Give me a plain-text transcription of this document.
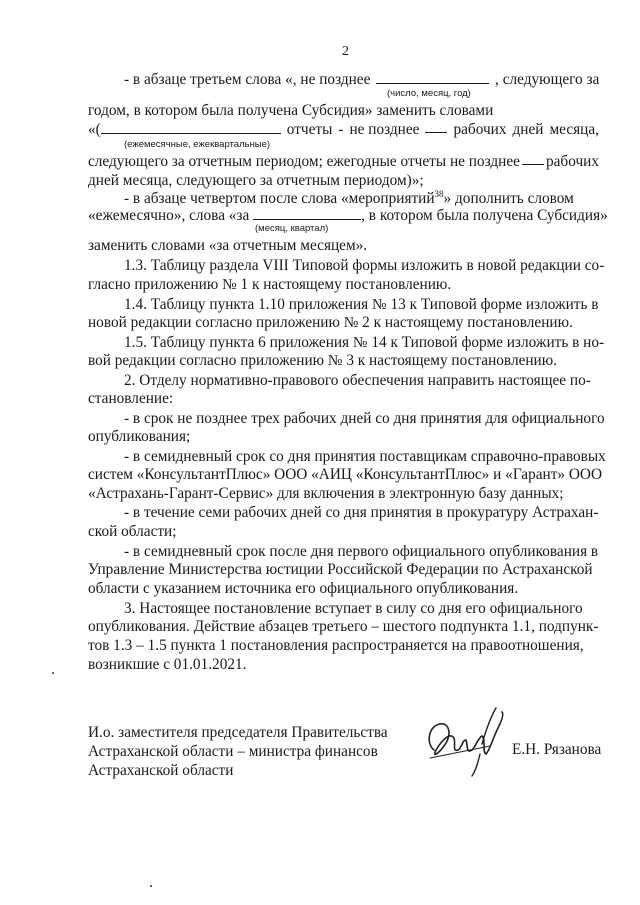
2
- в абзаце третьем слова «, не позднее	, следующего за
(число, месяц, год)
годом, в котором была получена Субсидия» заменить словами
«(	отчеты - не позднее рабочих дней месяца,
(ежемесячные, ежеквартальные)
следующего за отчетным периодом; ежегодные отчеты не позднее рабочих
дней месяца, следующего за отчетным периодом)»;
- в абзаце четвертом после слова «мероприятий$^{38}$» дополнить словом
«ежемесячно», слова «за	, в котором была получена Субсидия»
(месяц, квартал)
заменить словами «за отчетным месяцем».
1.3. Таблицу раздела VIII Типовой формы изложить в новой редакции со-
гласно приложению № 1 к настоящему постановлению.
1.4. Таблицу пункта 1.10 приложения № 13 к Типовой форме изложить в
новой редакции согласно приложению № 2 к настоящему постановлению.
1.5. Таблицу пункта 6 приложения № 14 к Типовой форме изложить в но-
вой редакции согласно приложению № 3 к настоящему постановлению.
2. Отделу нормативно-правового обеспечения направить настоящее по-
становление:
- в срок не позднее трех рабочих дней со дня принятия для официального
опубликования;
- в семидневный срок со дня принятия поставщикам справочно-правовых
систем «КонсультантПлюс» ООО «АИЦ «КонсультантПлюс» и «Гарант» ООО
«Астрахань-Гарант-Сервис» для включения в электронную базу данных;
- в течение семи рабочих дней со дня принятия в прокуратуру Астрахан-
ской области;
- в семидневный срок после дня первого официального опубликования в
Управление Министерства юстиции Российской Федерации по Астраханской
области с указанием источника его официального опубликования.
3. Настоящее постановление вступает в силу со дня его официального
опубликования. Действие абзацев третьего – шестого подпункта 1.1, подпунк-
тов 1.3 – 1.5 пункта 1 постановления распространяется на правоотношения,
возникшие с 01.01.2021.
И.о. заместителя председателя Правительства
Астраханской области – министра финансов
Астраханской области
Е.Н. Рязанова
